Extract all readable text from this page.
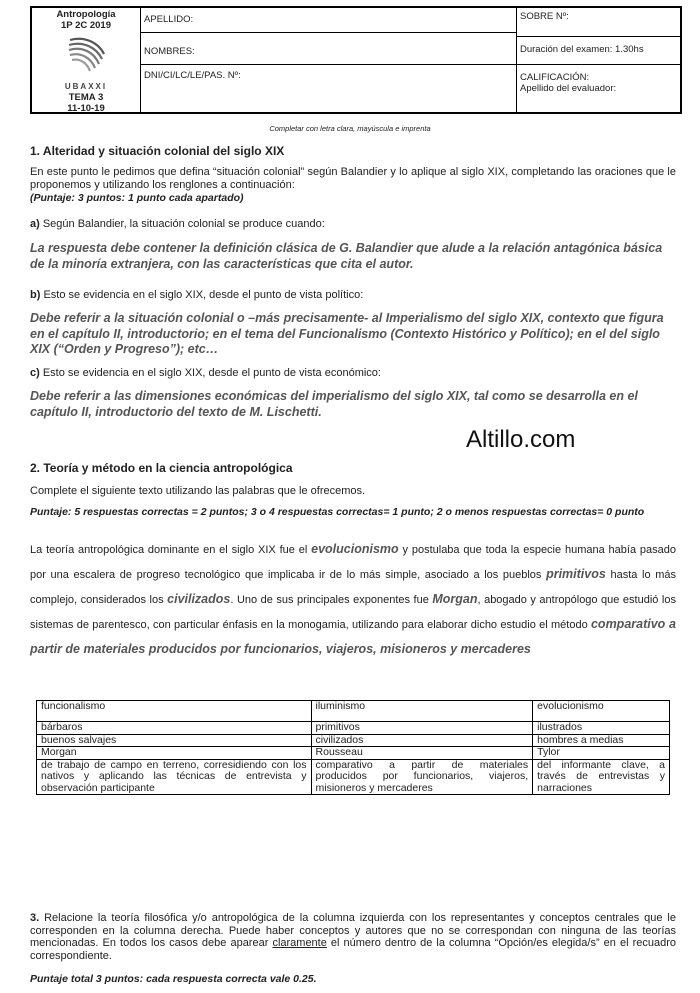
Antropología
1P 2C 2019
UBAXXI
TEMA 3
11-10-19
APELLIDO:
NOMBRES:
DNI/CI/LC/LE/PAS. Nº:
SOBRE Nº:
Duración del examen: 1.30hs
CALIFICACIÓN:
Apellido del evaluador:
Completar con letra clara, mayúscula e imprenta
1. Alteridad y situación colonial del siglo XIX
En este punto le pedimos que defina “situación colonial” según Balandier y lo aplique al siglo XIX, completando las oraciones que le proponemos y utilizando los renglones a continuación:
(Puntaje: 3 puntos: 1 punto cada apartado)
a) Según Balandier, la situación colonial se produce cuando:
La respuesta debe contener la definición clásica de G. Balandier que alude a la relación antagónica básica de la minoría extranjera, con las características que cita el autor.
b) Esto se evidencia en el siglo XIX, desde el punto de vista político:
Debe referir a la situación colonial o –más precisamente- al Imperialismo del siglo XIX, contexto que figura en el capítulo II, introductorio; en el tema del Funcionalismo (Contexto Histórico y Político); en el del siglo XIX (“Orden y Progreso”); etc…
c) Esto se evidencia en el siglo XIX, desde el punto de vista económico:
Debe referir a las dimensiones económicas del imperialismo del siglo XIX, tal como se desarrolla en el capítulo II, introductorio del texto de M. Lischetti.
Altillo.com
2. Teoría y método en la ciencia antropológica
Complete el siguiente texto utilizando las palabras que le ofrecemos.
Puntaje: 5 respuestas correctas = 2 puntos; 3 o 4 respuestas correctas= 1 punto; 2 o menos respuestas correctas= 0 punto
La teoría antropológica dominante en el siglo XIX fue el evolucionismo y postulaba que toda la especie humana había pasado por una escalera de progreso tecnológico que implicaba ir de lo más simple, asociado a los pueblos primitivos hasta lo más complejo, considerados los civilizados. Uno de sus principales exponentes fue Morgan, abogado y antropólogo que estudió los sistemas de parentesco, con particular énfasis en la monogamia, utilizando para elaborar dicho estudio el método comparativo a partir de materiales producidos por funcionarios, viajeros, misioneros y mercaderes
funcionalismo	iluminismo	evolucionismo
bárbaros	primitivos	ilustrados
buenos salvajes	civilizados	hombres a medias
Morgan	Rousseau	Tylor
de trabajo de campo en terreno, corresidiendo con los nativos y aplicando las técnicas de entrevista y observación participante	comparativo a partir de materiales producidos por funcionarios, viajeros, misioneros y mercaderes	del informante clave, a través de entrevistas y narraciones
3. Relacione la teoría filosófica y/o antropológica de la columna izquierda con los representantes y conceptos centrales que le corresponden en la columna derecha. Puede haber conceptos y autores que no se correspondan con ninguna de las teorías mencionadas. En todos los casos debe aparear claramente el número dentro de la columna “Opción/es elegida/s” en el recuadro correspondiente.
Puntaje total 3 puntos: cada respuesta correcta vale 0.25.
